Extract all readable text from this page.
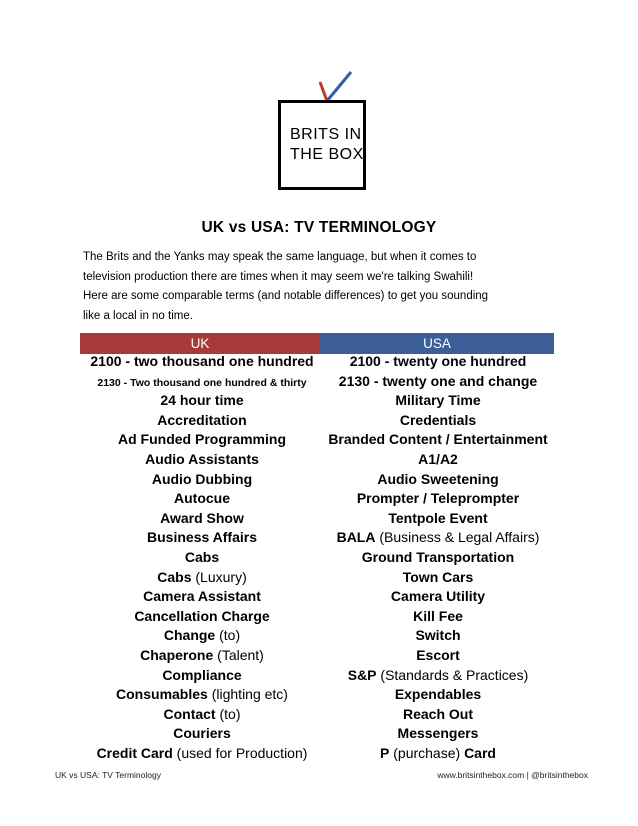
BRITS IN
THE BOX
UK vs USA: TV TERMINOLOGY
The Brits and the Yanks may speak the same language, but when it comes to
television production there are times when it may seem we're talking Swahili!
Here are some comparable terms (and notable differences) to get you sounding
like a local in no time.
UK	USA
2100 - two thousand one hundred	2100 - twenty one hundred
2130 - Two thousand one hundred & thirty	2130 - twenty one and change
24 hour time	Military Time
Accreditation	Credentials
Ad Funded Programming	Branded Content / Entertainment
Audio Assistants	A1/A2
Audio Dubbing	Audio Sweetening
Autocue	Prompter / Teleprompter
Award Show	Tentpole Event
Business Affairs	BALA (Business & Legal Affairs)
Cabs	Ground Transportation
Cabs (Luxury)	Town Cars
Camera Assistant	Camera Utility
Cancellation Charge	Kill Fee
Change (to)	Switch
Chaperone (Talent)	Escort
Compliance	S&P (Standards & Practices)
Consumables (lighting etc)	Expendables
Contact (to)	Reach Out
Couriers	Messengers
Credit Card (used for Production)	P (purchase) Card
UK vs USA: TV Terminology	www.britsinthebox.com | @britsinthebox
